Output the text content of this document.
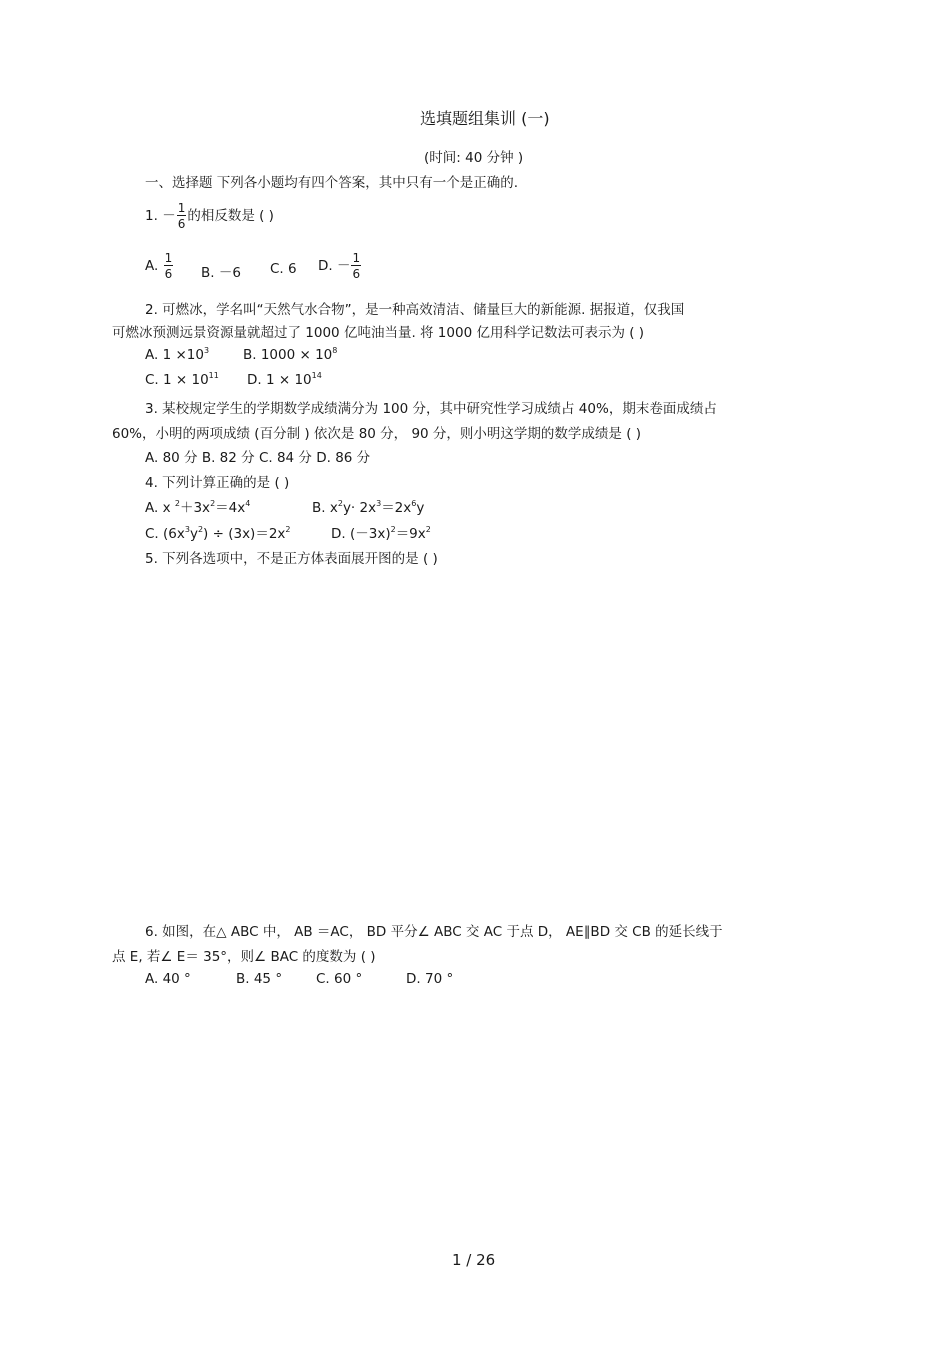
选填题组集训 (一)
(时间: 40 分钟 )
一、选择题 下列各小题均有四个答案，其中只有一个是正确的.
1. － $\frac{1}{6}$ 的相反数是 ( )
A. $\frac{1}{6} B$. －6 C. 6 D. － $\frac{1}{6}$
2. 可燃冰，学名叫“天然气水合物”，是一种高效清洁、储量巨大的新能源. 据报道，仅我国
可燃冰预测远景资源量就超过了 1000 亿吨油当量. 将 1000 亿用科学记数法可表示为 ( )
A. $1 \times 10^3$	B. $1000 \times 10^8$
C. $1 \times 10^{11}$ D. $1 \times 10^{14}$
3. 某校规定学生的学期数学成绩满分为 100 分，其中研究性学习成绩占 40%，期末卷面成绩占
60%，小明的两项成绩 (百分制 ) 依次是 80 分， 90 分，则小明这学期的数学成绩是 ( )
A. 80 分 B. 82 分 C. 84 分 D. 86 分
4. 下列计算正确的是 ( )
A. x $^2+3x^2=4x^4$	B. $x^2y\cdot 2x^3=2x^6y$
C. $(6x^3y^2) \div (3x)=2x^2$	D. $(-3x)^2=9x^2$
5. 下列各选项中，不是正方体表面展开图的是 ( )
6. 如图，在△ ABC 中， AB ＝AC， BD 平分∠ ABC 交 AC 于点 D， AE∥BD 交 CB 的延长线于
点 E, 若∠ E＝ 35°，则∠ BAC 的度数为 ( )
A. 40 °	B. 45 °	C. 60 °	D. 70 °
1 / 26
